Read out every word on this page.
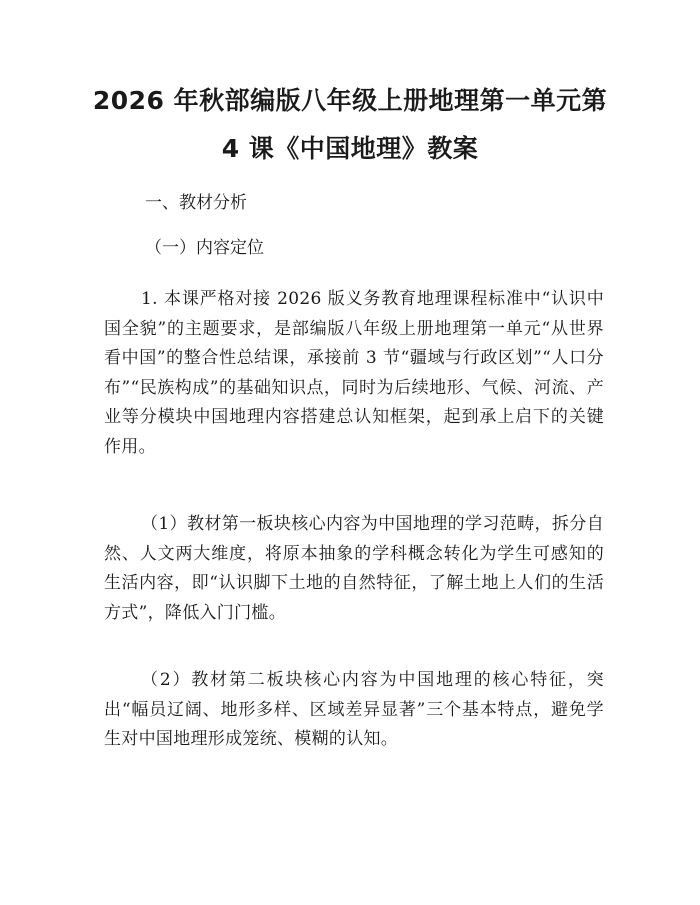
2026 年秋部编版八年级上册地理第一单元第
4 课《中国地理》教案

一、教材分析

（一）内容定位

1. 本课严格对接 2026 版义务教育地理课程标准中“认识中国全貌”的主题要求，是部编版八年级上册地理第一单元“从世界看中国”的整合性总结课，承接前 3 节“疆域与行政区划”“人口分布”“民族构成”的基础知识点，同时为后续地形、气候、河流、产业等分模块中国地理内容搭建总认知框架，起到承上启下的关键作用。

（1）教材第一板块核心内容为中国地理的学习范畴，拆分自然、人文两大维度，将原本抽象的学科概念转化为学生可感知的生活内容，即“认识脚下土地的自然特征，了解土地上人们的生活方式”，降低入门门槛。

（2）教材第二板块核心内容为中国地理的核心特征，突出“幅员辽阔、地形多样、区域差异显著”三个基本特点，避免学生对中国地理形成笼统、模糊的认知。
